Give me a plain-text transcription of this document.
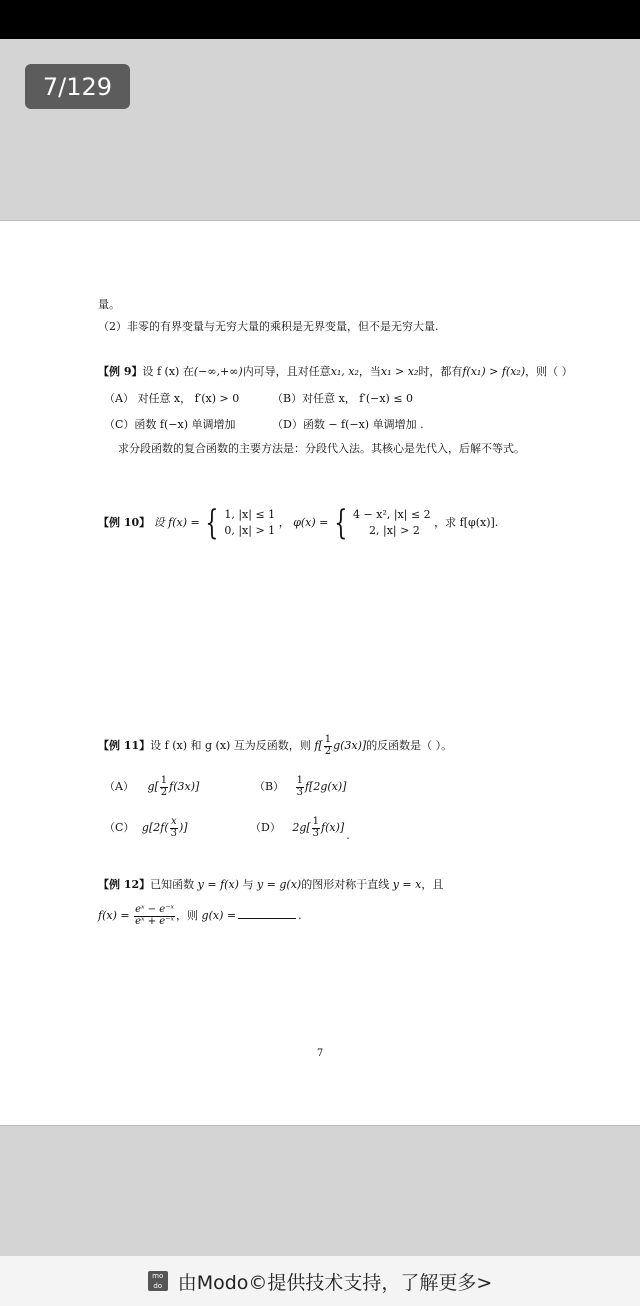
7/129
量。
（2）非零的有界变量与无穷大量的乘积是无界变量，但不是无穷大量.
【例 9】设 f (x) 在(−∞,+∞)内可导，且对任意x₁, x₂，当x₁ > x₂时，都有f(x₁) > f(x₂)，则（ ）
（A） 对任意 x， f′(x) > 0	（B）对任意 x， f′(−x) ≤ 0
（C）函数 f(−x) 单调增加	（D）函数 − f(−x) 单调增加 .
求分段函数的复合函数的主要方法是：分段代入法。其核心是先代入，后解不等式。
【例 10】 设 f(x) = { 1, |x| ≤ 1
0, |x| > 1
， φ(x) = { 4 − x², |x| ≤ 2
2, |x| > 2
，求 f[φ(x)].
【例 11】设 f (x) 和 g (x) 互为反函数，则 $f[ \frac{1}{2} g(3x)]$的反函数是（ ）。
（A） $g[ \frac{1}{2} f(3x)]$	$(B) \frac{1}{3} f[2g(x)]$
（C） $g[2f( \frac{x}{3}$ )]	（D） $2g[ \frac{1}{3} f(x)]$.
【例 12】已知函数 y = f(x) 与 y = g(x)的图形对称于直线 y = x，且
$f(x) = \frac{\text{eˣ − e⁻ˣ}}{\text{eˣ + e⁻ˣ}}$ ，则 g(x) =	.
7
mo
do 由Modo©提供技术支持，了解更多>
